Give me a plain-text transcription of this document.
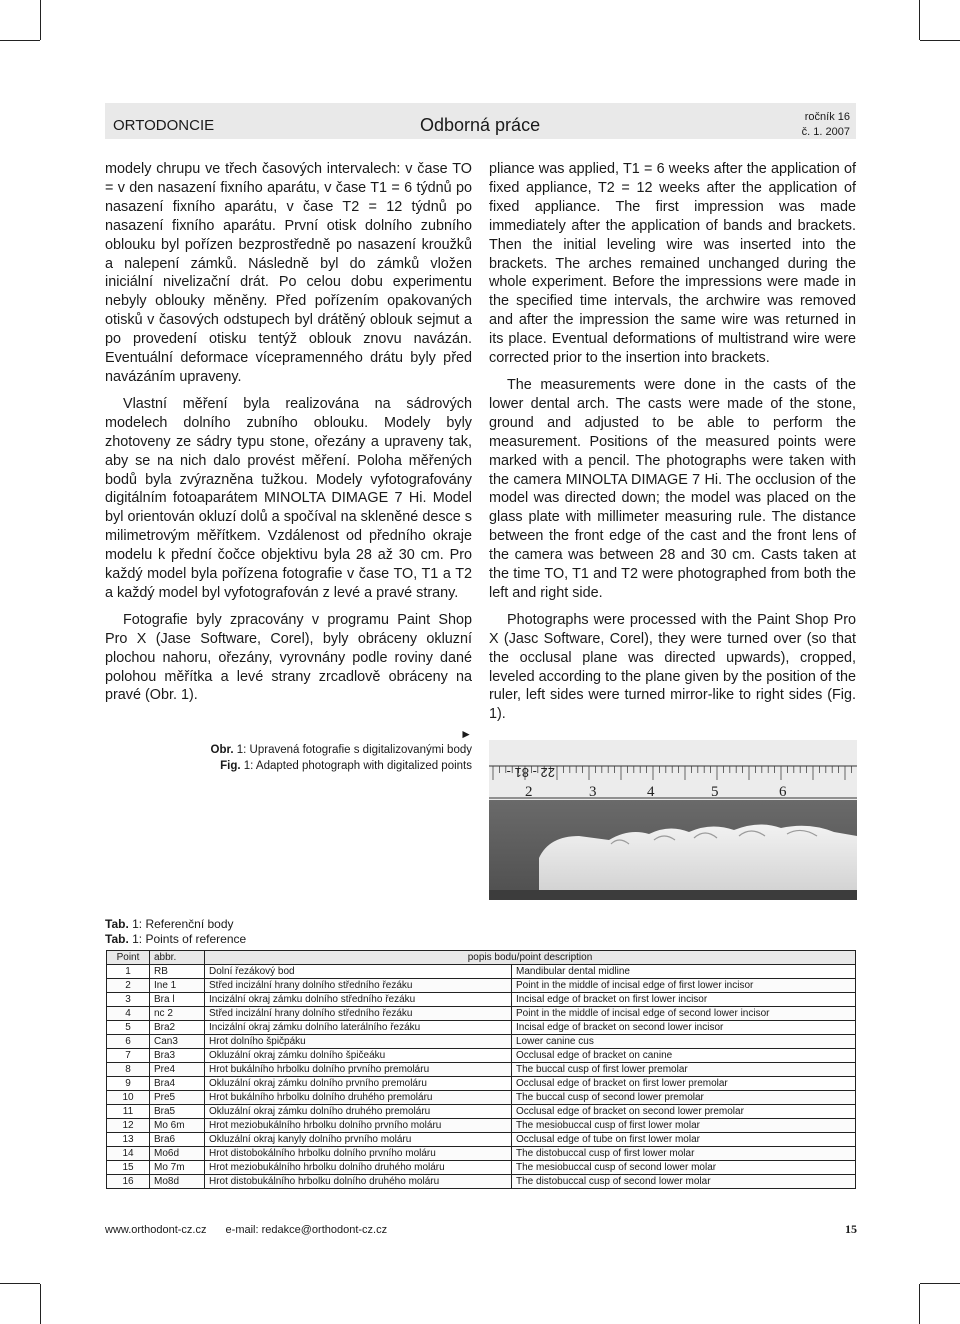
ORTODONCIE	Odborná práce	ročník 16
č. 1. 2007

modely chrupu ve třech časových intervalech: v čase TO = v den nasazení fixního aparátu, v čase T1 = 6 týdnů po nasazení fixního aparátu, v čase T2 = 12 týdnů po nasazení fixního aparátu. První otisk dolního zubního oblouku byl pořízen bezprostředně po nasazení kroužků a nalepení zámků. Následně byl do zámků vložen iniciální nivelizační drát. Po celou dobu experimentu nebyly oblouky měněny. Před pořízením opakovaných otisků v časových odstupech byl drátěný oblouk sejmut a po provedení otisku tentýž oblouk znovu navázán. Eventuální deformace vícepramenného drátu byly před navázáním upraveny.

Vlastní měření byla realizována na sádrových modelech dolního zubního oblouku. Modely byly zhotoveny ze sádry typu stone, ořezány a upraveny tak, aby se na nich dalo provést měření. Poloha měřených bodů byla zvýrazněna tužkou. Modely vyfotografovány digitálním fotoaparátem MINOLTA DIMAGE 7 Hi. Model byl orientován okluzí dolů a spočíval na skleněné desce s milimetrovým měřítkem. Vzdálenost od předního okraje modelu k přední čočce objektivu byla 28 až 30 cm. Pro každý model byla pořízena fotografie v čase TO, T1 a T2 a každý model byl vyfotografován z levé a pravé strany.

Fotografie byly zpracovány v programu Paint Shop Pro X (Jase Software, Corel), byly obráceny okluzní plochou nahoru, ořezány, vyrovnány podle roviny dané polohou měřítka a levé strany zrcadlově obráceny na pravé (Obr. 1).

pliance was applied, T1 = 6 weeks after the application of fixed appliance, T2 = 12 weeks after the application of fixed appliance. The first impression was made immediately after the application of bands and brackets. Then the initial leveling wire was inserted into the brackets. The arches remained unchanged during the whole experiment. Before the impressions were made in the specified time intervals, the archwire was removed and after the impression the same wire was returned in its place. Eventual deformations of multistrand wire were corrected prior to the insertion into brackets.

The measurements were done in the casts of the lower dental arch. The casts were made of the stone, ground and adjusted to be able to perform the measurement. Positions of the measured points were marked with a pencil. The photographs were taken with the camera MINOLTA DIMAGE 7 Hi. The occlusion of the model was directed down; the model was placed on the glass plate with millimeter measuring rule. The distance between the front edge of the cast and the front lens of the camera was between 28 and 30 cm. Casts taken at the time TO, T1 and T2 were photographed from both the left and right side.

Photographs were processed with the Paint Shop Pro X (Jasc Software, Corel), they were turned over (so that the occlusal plane was directed upwards), cropped, leveled according to the plane given by the position of the ruler, left sides were turned mirror-like to right sides (Fig. 1).

►
Obr. 1: Upravená fotografie s digitalizovanými body
Fig. 1: Adapted photograph with digitalized points	22 - 81 -
2	3	4	5	6
Tab. 1: Referenční body
Tab. 1: Points of reference
Point	abbr.	popis bodu/point description	
1	RB	Dolní řezákový bod	Mandibular dental midline
2	Ine 1	Střed incizální hrany dolního středního řezáku	Point in the middle of incisal edge of first lower incisor
3	Bra l	Incizální okraj zámku dolního středního řezáku	Incisal edge of bracket on first lower incisor
4	nc 2	Střed incizální hrany dolního středního řezáku	Point in the middle of incisal edge of second lower incisor
5	Bra2	Incizální okraj zámku dolního laterálního řezáku	Incisal edge of bracket on second lower incisor
6	Can3	Hrot dolního špičpáku	Lower canine cus
7	Bra3	Okluzální okraj zámku dolního špičeáku	Occlusal edge of bracket on canine
8	Pre4	Hrot bukálního hrbolku dolního prvního premoláru	The buccal cusp of first lower premolar
9	Bra4	Okluzální okraj zámku dolního prvního premoláru	Occlusal edge of bracket on first lower premolar
10	Pre5	Hrot bukálního hrbolku dolního druhého premoláru	The buccal cusp of second lower premolar
11	Bra5	Okluzální okraj zámku dolního druhého premoláru	Occlusal edge of bracket on second lower premolar
12	Mo 6m	Hrot meziobukálního hrbolku dolního prvního moláru	The mesiobuccal cusp of first lower molar
13	Bra6	Okluzální okraj kanyly dolního prvního moláru	Occlusal edge of tube on first lower molar
14	Mo6d	Hrot distobokálního hrbolku dolního prvního moláru	The distobuccal cusp of first lower molar
15	Mo 7m	Hrot meziobukálního hrbolku dolního druhého moláru	The mesiobuccal cusp of second lower molar
16	Mo8d	Hrot distobukálního hrbolku dolního druhého moláru	The distobuccal cusp of second lower molar
www.orthodont-cz.cz e-mail: redakce@orthodont-cz.cz	15
